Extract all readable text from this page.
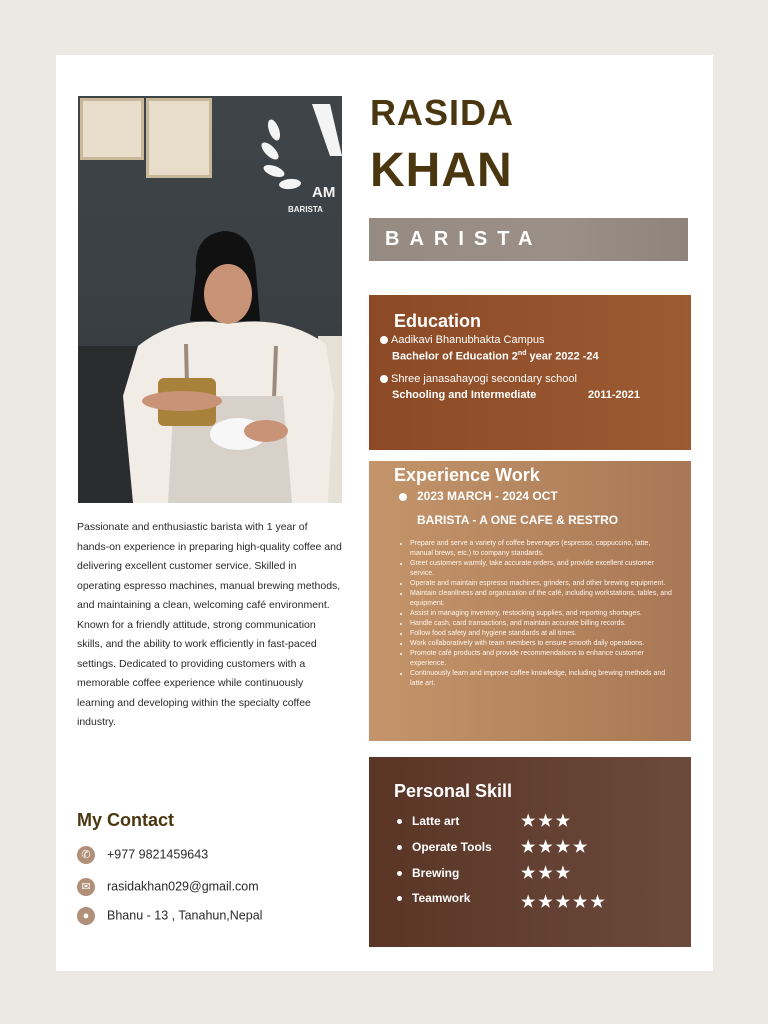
AM
BARISTA
RASIDA
KHAN
BARISTA
Education
Aadikavi Bhanubhakta Campus
Bachelor of Education 2nd year 2022 -24
Shree janasahayogi secondary school
Schooling and Intermediate	2011-2021
Experience Work
2023 MARCH - 2024 OCT
BARISTA - A ONE CAFE & RESTRO
• Prepare and serve a variety of coffee beverages (espresso, cappuccino, latte, manual brews, etc.) to company standards.
• Greet customers warmly, take accurate orders, and provide excellent customer service.
• Operate and maintain espresso machines, grinders, and other brewing equipment.
• Maintain cleanliness and organization of the café, including workstations, tables, and equipment.
• Assist in managing inventory, restocking supplies, and reporting shortages.
• Handle cash, card transactions, and maintain accurate billing records.
• Follow food safety and hygiene standards at all times.
• Work collaboratively with team members to ensure smooth daily operations.
• Promote café products and provide recommendations to enhance customer experience.
• Continuously learn and improve coffee knowledge, including brewing methods and latte art.
Personal Skill
Latte art	★★★
Operate Tools ★★★★
Brewing	★★★
Teamwork	★★★★★
Passionate and enthusiastic barista with 1 year of hands-on experience in preparing high-quality coffee and delivering excellent customer service. Skilled in operating espresso machines, manual brewing methods, and maintaining a clean, welcoming café environment. Known for a friendly attitude, strong communication skills, and the ability to work efficiently in fast-paced settings. Dedicated to providing customers with a memorable coffee experience while continuously learning and developing within the specialty coffee industry.
My Contact
✆ +977 9821459643
✉ rasidakhan029@gmail.com
● Bhanu - 13 , Tanahun,Nepal
